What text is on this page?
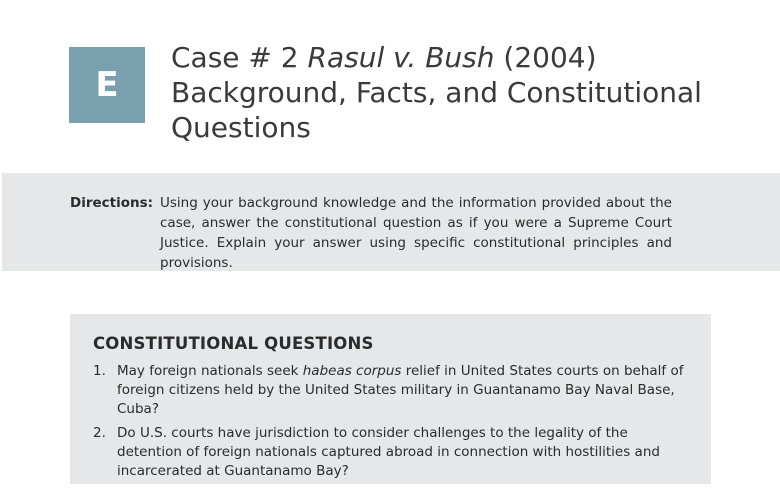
E
Case # 2 Rasul v. Bush (2004)
Background, Facts, and Constitutional
Questions
Directions: Using your background knowledge and the information provided about the case, answer the constitutional question as if you were a Supreme Court Justice. Explain your answer using specific constitutional principles and provisions.
CONSTITUTIONAL QUESTIONS
1. May foreign nationals seek habeas corpus relief in United States courts on behalf of foreign citizens held by the United States military in Guantanamo Bay Naval Base, Cuba?
2. Do U.S. courts have jurisdiction to consider challenges to the legality of the detention of foreign nationals captured abroad in connection with hostilities and incarcerated at Guantanamo Bay?
